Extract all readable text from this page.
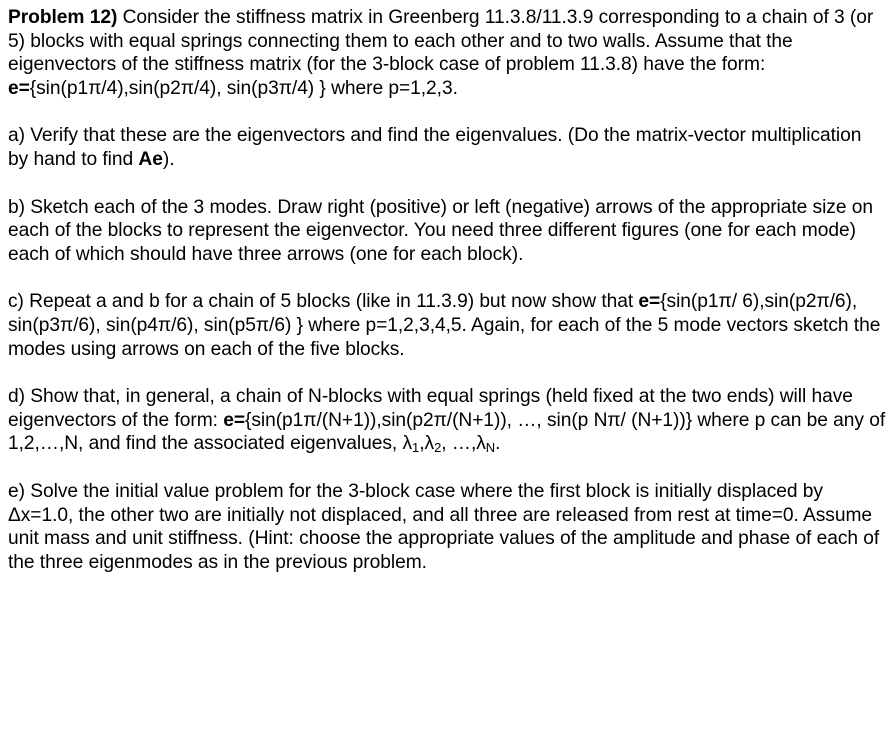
Problem 12) Consider the stiffness matrix in Greenberg 11.3.8/11.3.9 corresponding to a chain of 3 (or 5) blocks with equal springs connecting them to each other and to two walls. Assume that the eigenvectors of the stiffness matrix (for the 3-block case of problem 11.3.8) have the form:
e={sin(p1π/4),sin(p2π/4), sin(p3π/4) } where p=1,2,3.

a) Verify that these are the eigenvectors and find the eigenvalues. (Do the matrix-vector multiplication by hand to find Ae).

b) Sketch each of the 3 modes. Draw right (positive) or left (negative) arrows of the appropriate size on each of the blocks to represent the eigenvector. You need three different figures (one for each mode) each of which should have three arrows (one for each block).

c) Repeat a and b for a chain of 5 blocks (like in 11.3.9) but now show that e={sin(p1π/ 6),sin(p2π/6), sin(p3π/6), sin(p4π/6), sin(p5π/6) } where p=1,2,3,4,5. Again, for each of the 5 mode vectors sketch the modes using arrows on each of the five blocks.

d) Show that, in general, a chain of N-blocks with equal springs (held fixed at the two ends) will have eigenvectors of the form: e={sin(p1π/(N+1)),sin(p2π/(N+1)), …, sin(p Nπ/ (N+1))} where p can be any of 1,2,…,N, and find the associated eigenvalues, $\lambda_1,\lambda_2$, $\dots,\lambda_N$.

e) Solve the initial value problem for the 3-block case where the first block is initially displaced by Δx=1.0, the other two are initially not displaced, and all three are released from rest at time=0. Assume unit mass and unit stiffness. (Hint: choose the appropriate values of the amplitude and phase of each of the three eigenmodes as in the previous problem.
